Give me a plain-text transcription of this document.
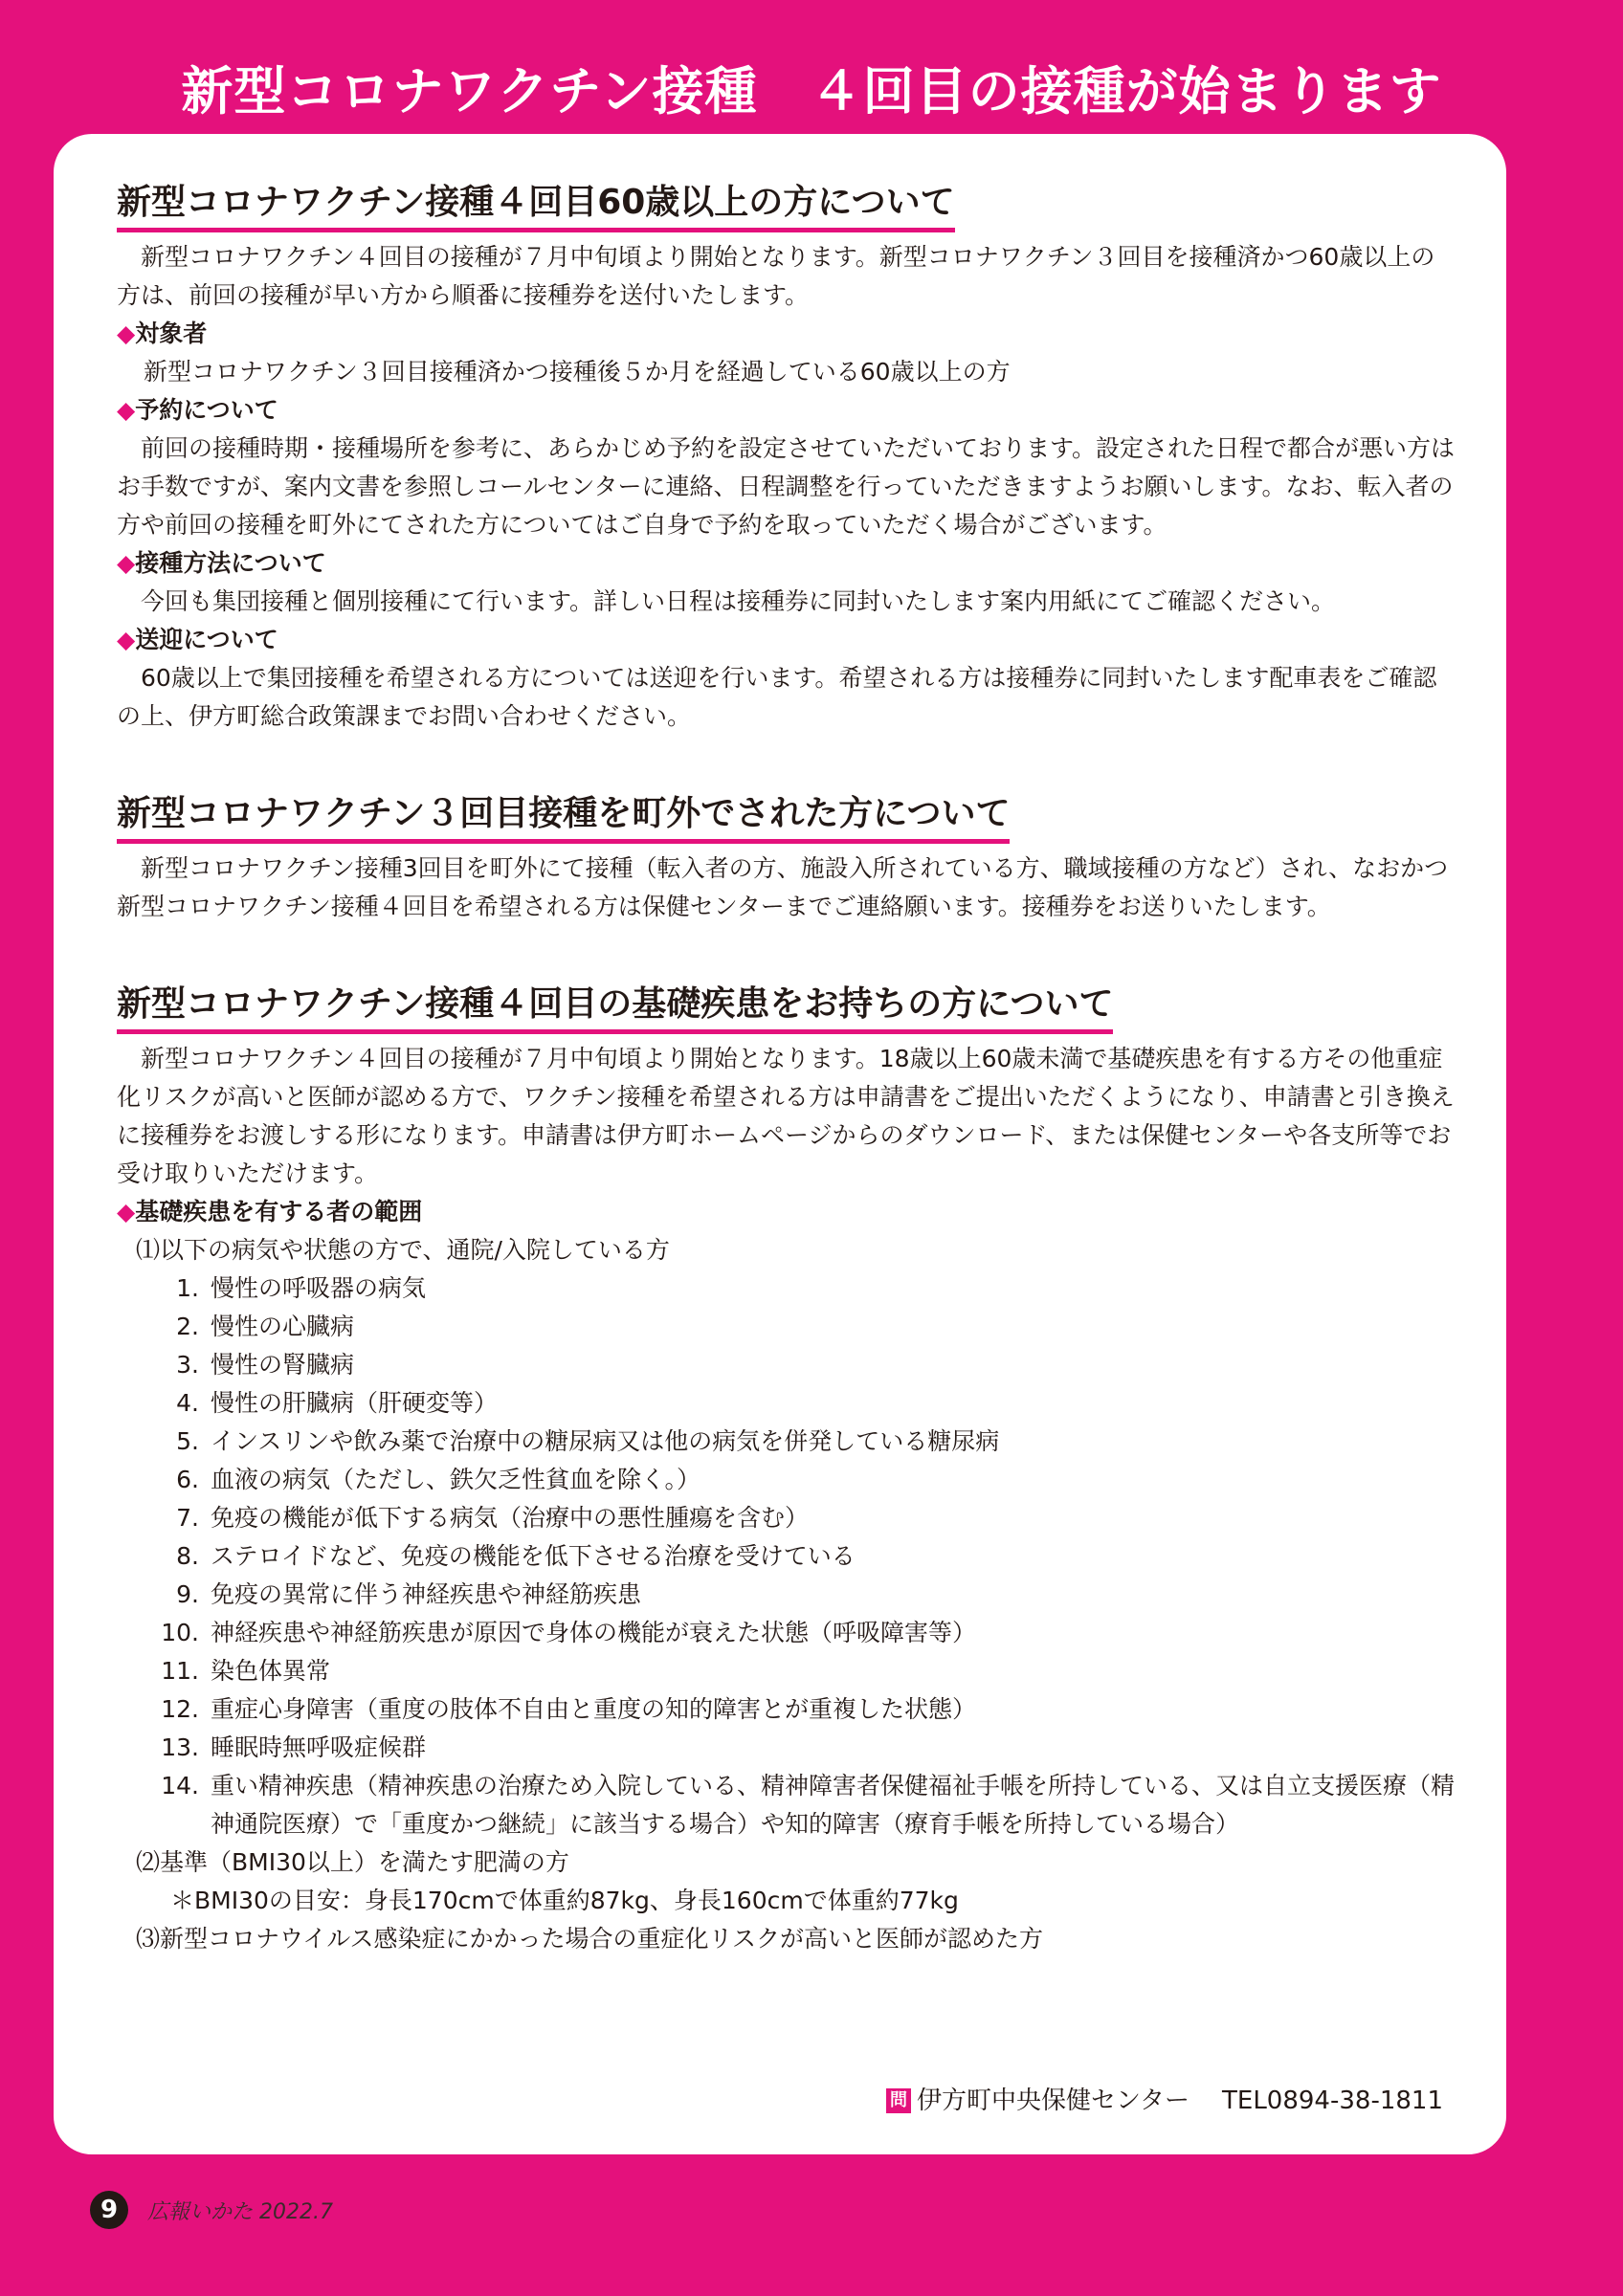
新型コロナワクチン接種　４回目の接種が始まります
新型コロナワクチン接種４回目60歳以上の方について

新型コロナワクチン４回目の接種が７月中旬頃より開始となります。新型コロナワクチン３回目を接種済かつ60歳以上の方は、前回の接種が早い方から順番に接種券を送付いたします。

◆対象者

新型コロナワクチン３回目接種済かつ接種後５か月を経過している60歳以上の方

◆予約について

前回の接種時期・接種場所を参考に、あらかじめ予約を設定させていただいております。設定された日程で都合が悪い方はお手数ですが、案内文書を参照しコールセンターに連絡、日程調整を行っていただきますようお願いします。なお、転入者の方や前回の接種を町外にてされた方についてはご自身で予約を取っていただく場合がございます。

◆接種方法について

今回も集団接種と個別接種にて行います。詳しい日程は接種券に同封いたします案内用紙にてご確認ください。

◆送迎について

60歳以上で集団接種を希望される方については送迎を行います。希望される方は接種券に同封いたします配車表をご確認の上、伊方町総合政策課までお問い合わせください。

新型コロナワクチン３回目接種を町外でされた方について

新型コロナワクチン接種3回目を町外にて接種（転入者の方、施設入所されている方、職域接種の方など）され、なおかつ新型コロナワクチン接種４回目を希望される方は保健センターまでご連絡願います。接種券をお送りいたします。

新型コロナワクチン接種４回目の基礎疾患をお持ちの方について

新型コロナワクチン４回目の接種が７月中旬頃より開始となります。18歳以上60歳未満で基礎疾患を有する方その他重症化リスクが高いと医師が認める方で、ワクチン接種を希望される方は申請書をご提出いただくようになり、申請書と引き換えに接種券をお渡しする形になります。申請書は伊方町ホームページからのダウンロード、または保健センターや各支所等でお受け取りいただけます。

◆基礎疾患を有する者の範囲

⑴以下の病気や状態の方で、通院/入院している方

1. 慢性の呼吸器の病気
2. 慢性の心臓病
3. 慢性の腎臓病
4. 慢性の肝臓病（肝硬変等）
5. インスリンや飲み薬で治療中の糖尿病又は他の病気を併発している糖尿病
6. 血液の病気（ただし、鉄欠乏性貧血を除く。）
7. 免疫の機能が低下する病気（治療中の悪性腫瘍を含む）
8. ステロイドなど、免疫の機能を低下させる治療を受けている
9. 免疫の異常に伴う神経疾患や神経筋疾患
10. 神経疾患や神経筋疾患が原因で身体の機能が衰えた状態（呼吸障害等）
11. 染色体異常
12. 重症心身障害（重度の肢体不自由と重度の知的障害とが重複した状態）
13. 睡眠時無呼吸症候群
14. 重い精神疾患（精神疾患の治療ため入院している、精神障害者保健福祉手帳を所持している、又は自立支援医療（精神通院医療）で「重度かつ継続」に該当する場合）や知的障害（療育手帳を所持している場合）

⑵基準（BMI30以上）を満たす肥満の方

＊BMI30の目安：身長170cmで体重約87kg、身長160cmで体重約77kg

⑶新型コロナウイルス感染症にかかった場合の重症化リスクが高いと医師が認めた方

問 伊方町中央保健センター TEL0894-38-1811
9	広報いかた 2022.7
